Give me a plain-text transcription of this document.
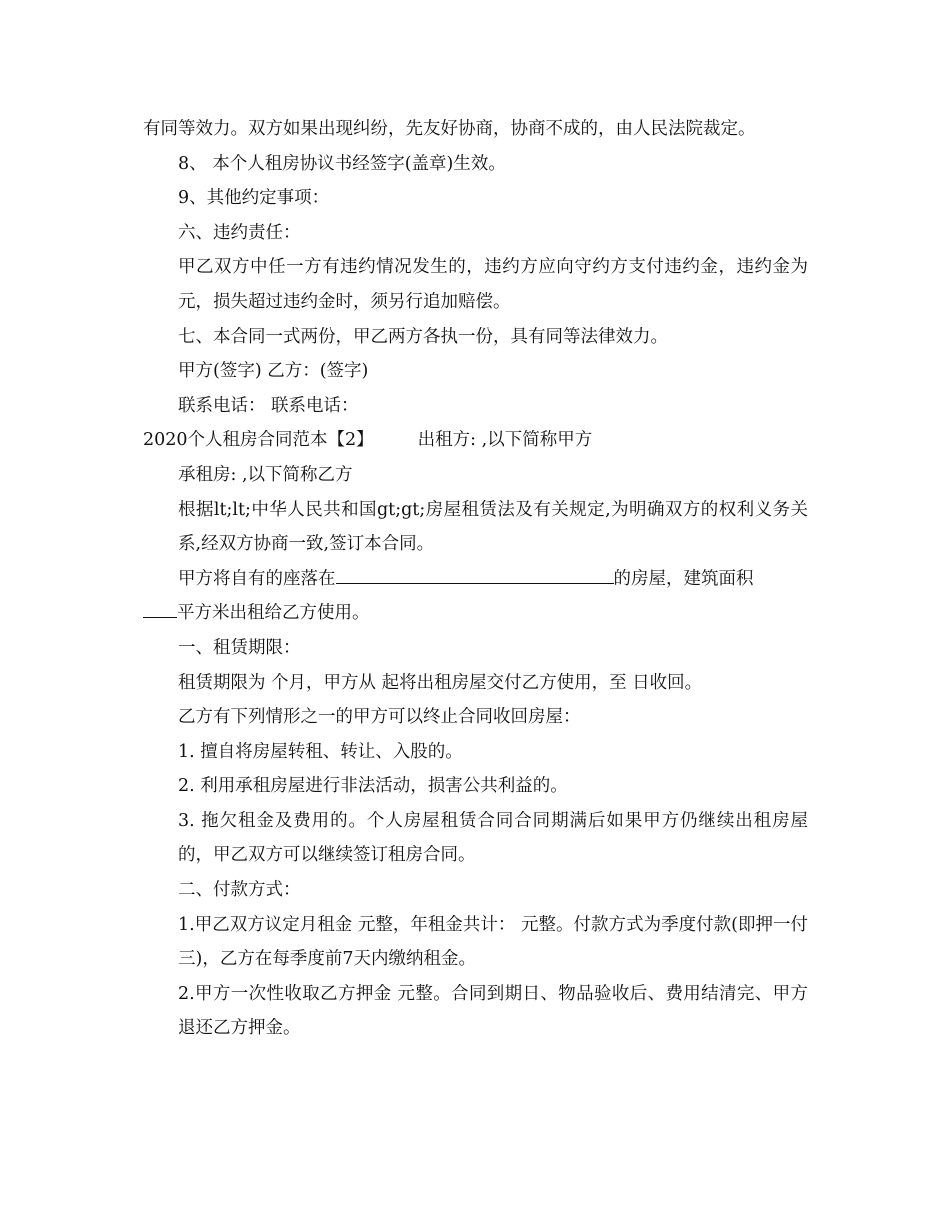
有同等效力。双方如果出现纠纷，先友好协商，协商不成的，由人民法院裁定。

8、 本个人租房协议书经签字(盖章)生效。

9、其他约定事项：

六、违约责任：

甲乙双方中任一方有违约情况发生的，违约方应向守约方支付违约金，违约金为元，损失超过违约金时，须另行追加赔偿。

七、本合同一式两份，甲乙两方各执一份，具有同等法律效力。

甲方(签字) 乙方：(签字)

联系电话： 联系电话：

2020个人租房合同范本【2】	出租方: ,以下简称甲方

承租房: ,以下简称乙方

根据lt;lt;中华人民共和国gt;gt;房屋租赁法及有关规定,为明确双方的权利义务关系,经双方协商一致,签订本合同。

甲方将自有的座落在	的房屋，建筑面积

平方米出租给乙方使用。

一、租赁期限：

租赁期限为 个月，甲方从 起将出租房屋交付乙方使用，至 日收回。

乙方有下列情形之一的甲方可以终止合同收回房屋：

1. 擅自将房屋转租、转让、入股的。

2. 利用承租房屋进行非法活动，损害公共利益的。

3. 拖欠租金及费用的。个人房屋租赁合同合同期满后如果甲方仍继续出租房屋的，甲乙双方可以继续签订租房合同。

二、付款方式：

1.甲乙双方议定月租金 元整，年租金共计： 元整。付款方式为季度付款(即押一付三)，乙方在每季度前7天内缴纳租金。

2.甲方一次性收取乙方押金 元整。合同到期日、物品验收后、费用结清完、甲方退还乙方押金。
